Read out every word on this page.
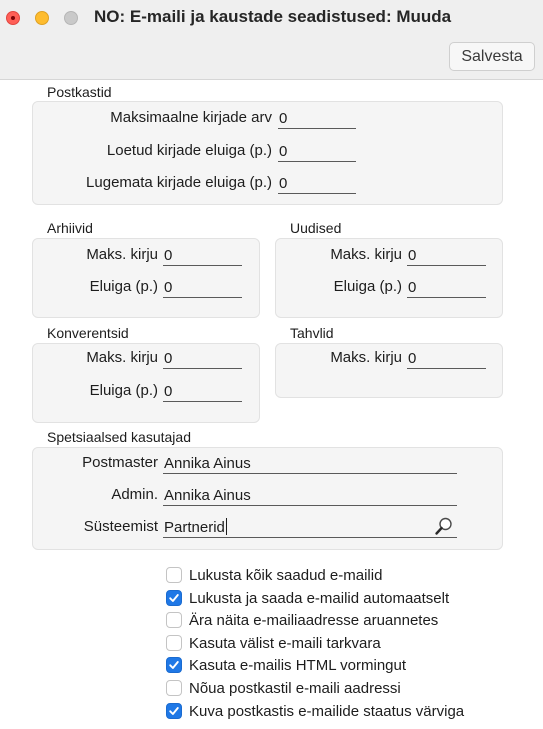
NO: E-maili ja kaustade seadistused: Muuda
Salvesta
Postkastid
Maksimaalne kirjade arv 0
Loetud kirjade eluiga (p.) 0
Lugemata kirjade eluiga (p.) 0
Arhiivid
Maks. kirju 0
Eluiga (p.) 0
Uudised
Maks. kirju 0
Eluiga (p.) 0
Konverentsid
Maks. kirju 0
Eluiga (p.) 0
Tahvlid
Maks. kirju 0
Spetsiaalsed kasutajad
Postmaster Annika Ainus
Admin. Annika Ainus
Süsteemist Partnerid
Lukusta kõik saadud e-mailid
Lukusta ja saada e-mailid automaatselt
Ära näita e-mailiaadresse aruannetes
Kasuta välist e-maili tarkvara
Kasuta e-mailis HTML vormingut
Nõua postkastil e-maili aadressi
Kuva postkastis e-mailide staatus värviga
